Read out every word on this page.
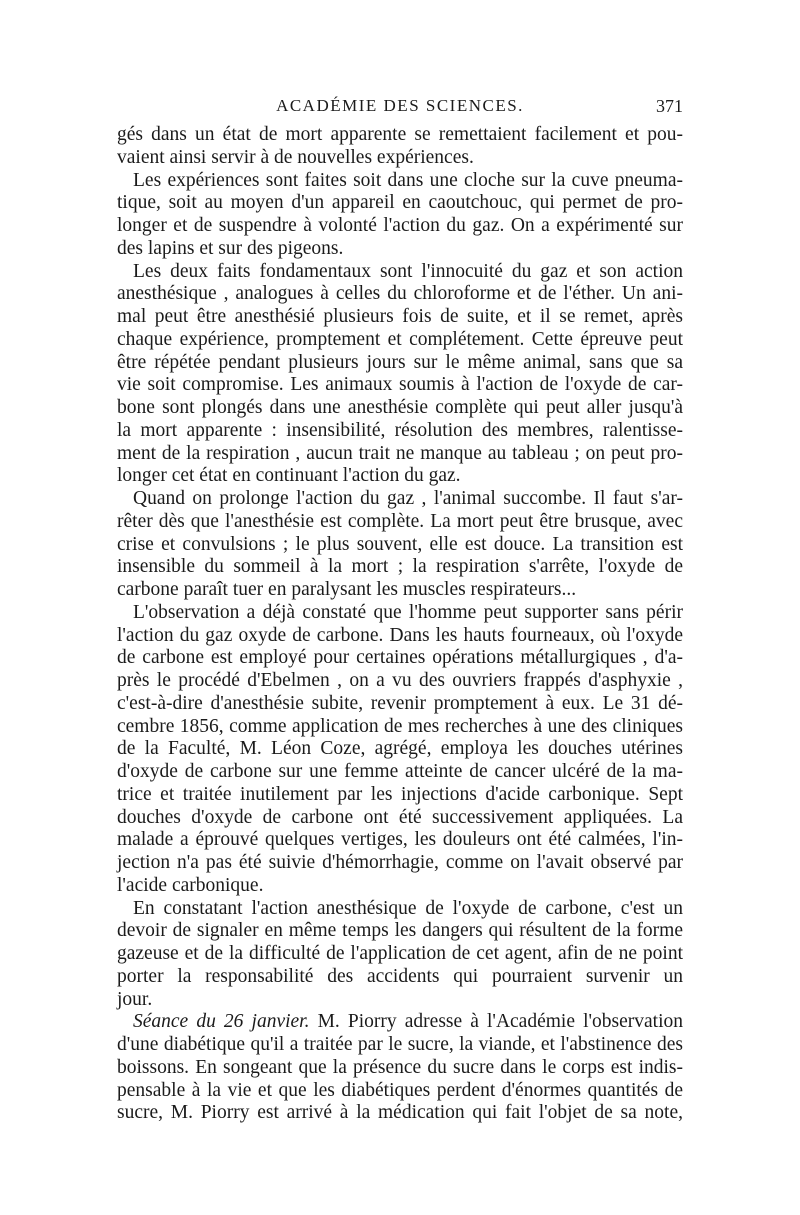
ACADÉMIE DES SCIENCES.	371
gés dans un état de mort apparente se remettaient facilement et pou-
vaient ainsi servir à de nouvelles expériences.
Les expériences sont faites soit dans une cloche sur la cuve pneuma-
tique, soit au moyen d'un appareil en caoutchouc, qui permet de pro-
longer et de suspendre à volonté l'action du gaz. On a expérimenté sur
des lapins et sur des pigeons.
Les deux faits fondamentaux sont l'innocuité du gaz et son action
anesthésique , analogues à celles du chloroforme et de l'éther. Un ani-
mal peut être anesthésié plusieurs fois de suite, et il se remet, après
chaque expérience, promptement et complétement. Cette épreuve peut
être répétée pendant plusieurs jours sur le même animal, sans que sa
vie soit compromise. Les animaux soumis à l'action de l'oxyde de car-
bone sont plongés dans une anesthésie complète qui peut aller jusqu'à
la mort apparente : insensibilité, résolution des membres, ralentisse-
ment de la respiration , aucun trait ne manque au tableau ; on peut pro-
longer cet état en continuant l'action du gaz.
Quand on prolonge l'action du gaz , l'animal succombe. Il faut s'ar-
rêter dès que l'anesthésie est complète. La mort peut être brusque, avec
crise et convulsions ; le plus souvent, elle est douce. La transition est
insensible du sommeil à la mort ; la respiration s'arrête, l'oxyde de
carbone paraît tuer en paralysant les muscles respirateurs...
L'observation a déjà constaté que l'homme peut supporter sans périr
l'action du gaz oxyde de carbone. Dans les hauts fourneaux, où l'oxyde
de carbone est employé pour certaines opérations métallurgiques , d'a-
près le procédé d'Ebelmen , on a vu des ouvriers frappés d'asphyxie ,
c'est-à-dire d'anesthésie subite, revenir promptement à eux. Le 31 dé-
cembre 1856, comme application de mes recherches à une des cliniques
de la Faculté, M. Léon Coze, agrégé, employa les douches utérines
d'oxyde de carbone sur une femme atteinte de cancer ulcéré de la ma-
trice et traitée inutilement par les injections d'acide carbonique. Sept
douches d'oxyde de carbone ont été successivement appliquées. La
malade a éprouvé quelques vertiges, les douleurs ont été calmées, l'in-
jection n'a pas été suivie d'hémorrhagie, comme on l'avait observé par
l'acide carbonique.
En constatant l'action anesthésique de l'oxyde de carbone, c'est un
devoir de signaler en même temps les dangers qui résultent de la forme
gazeuse et de la difficulté de l'application de cet agent, afin de ne point
porter la responsabilité des accidents qui pourraient survenir un
jour.
Séance du 26 janvier. M. Piorry adresse à l'Académie l'observation
d'une diabétique qu'il a traitée par le sucre, la viande, et l'abstinence des
boissons. En songeant que la présence du sucre dans le corps est indis-
pensable à la vie et que les diabétiques perdent d'énormes quantités de
sucre, M. Piorry est arrivé à la médication qui fait l'objet de sa note,
